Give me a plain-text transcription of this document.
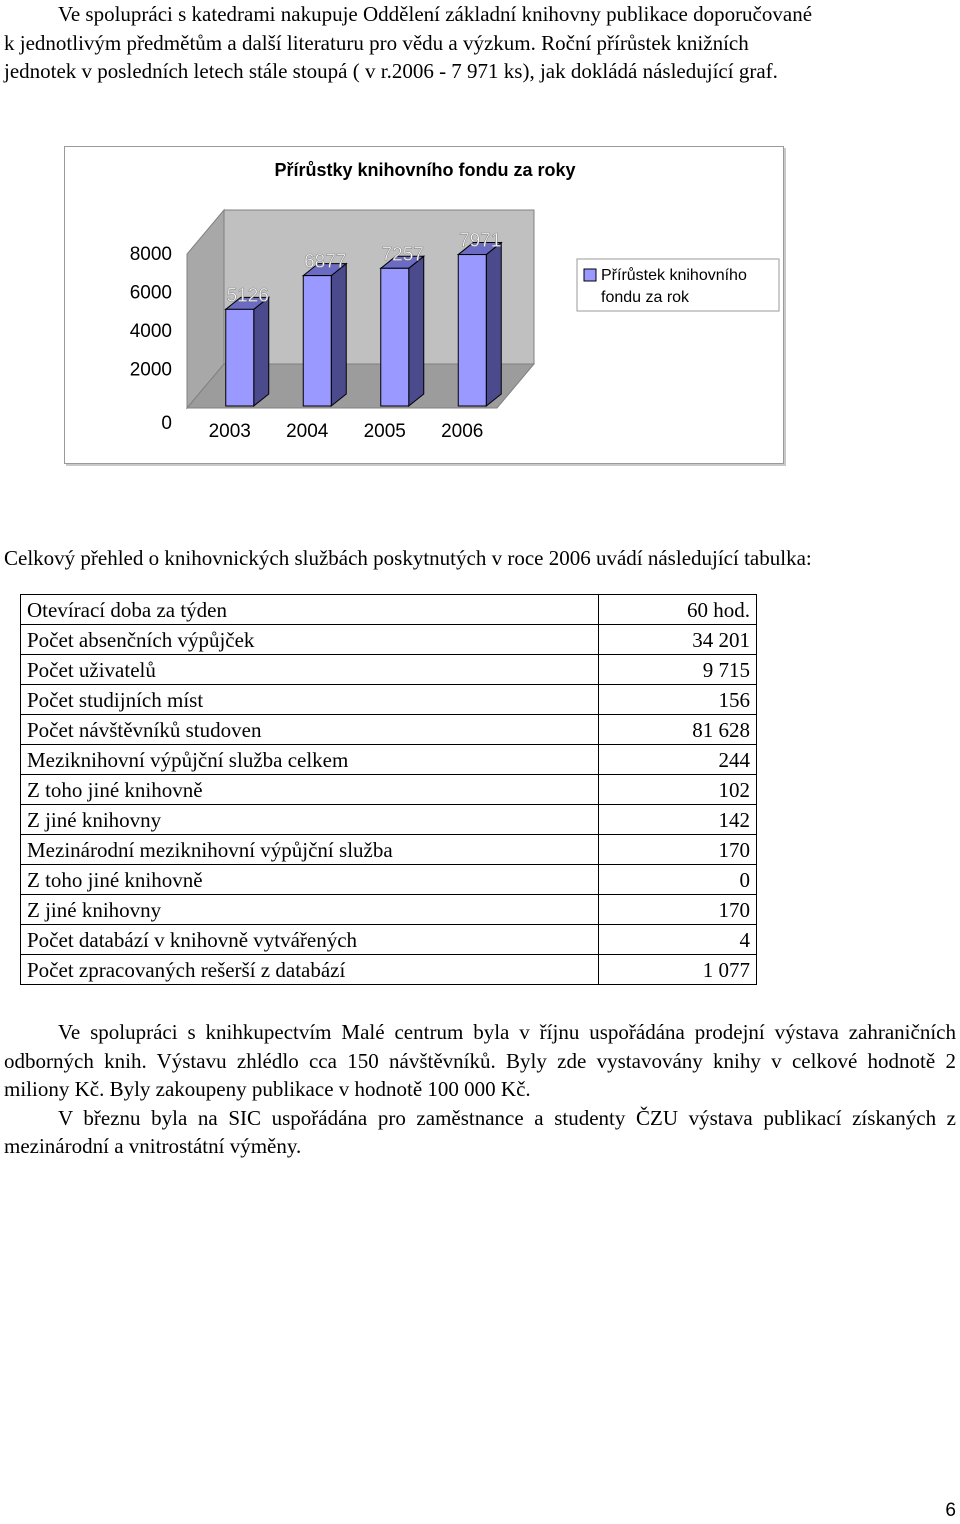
Ve spolupráci s katedrami nakupuje Oddělení základní knihovny publikace doporučované
k jednotlivým předmětům a další literaturu pro vědu a výzkum. Roční přírůstek knižních
jednotek v posledních letech stále stoupá ( v r.2006 - 7 971 ks), jak dokládá následující graf.
Přírůstky knihovního fondu za roky
0
2000
4000
6000
8000
5126
2003
6877
2004
7257
2005
7971
2006
Přírůstek knihovního
fondu za rok
Celkový přehled o knihovnických službách poskytnutých v roce 2006 uvádí následující tabulka:
Otevírací doba za týden	60 hod.
Počet absenčních výpůjček	34 201
Počet uživatelů	9 715
Počet studijních míst	156
Počet návštěvníků studoven	81 628
Meziknihovní výpůjční služba celkem	244
Z toho jiné knihovně	102
Z jiné knihovny	142
Mezinárodní meziknihovní výpůjční služba	170
Z toho jiné knihovně	0
Z jiné knihovny	170
Počet databází v knihovně vytvářených	4
Počet zpracovaných rešerší z databází	1 077
Ve spolupráci s knihkupectvím Malé centrum byla v říjnu uspořádána prodejní výstava zahraničních odborných knih. Výstavu zhlédlo cca 150 návštěvníků. Byly zde vystavovány knihy v celkové hodnotě 2 miliony Kč. Byly zakoupeny publikace v hodnotě 100 000 Kč.
V březnu byla na SIC uspořádána pro zaměstnance a studenty ČZU výstava publikací získaných z mezinárodní a vnitrostátní výměny.
6
